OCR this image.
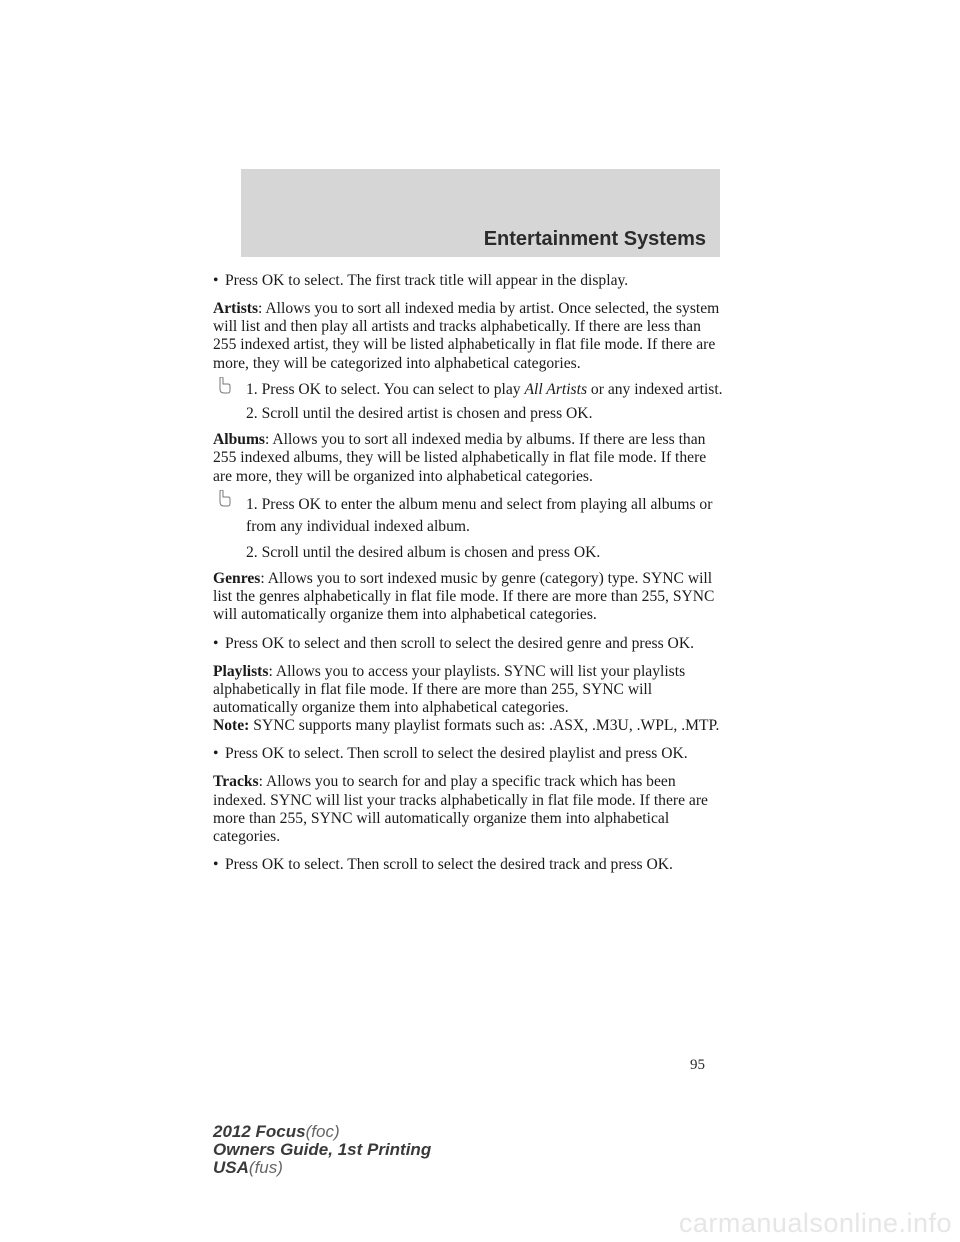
Entertainment Systems

• Press OK to select. The first track title will appear in the display.

Artists: Allows you to sort all indexed media by artist. Once selected, the system will list and then play all artists and tracks alphabetically. If there are less than 255 indexed artist, they will be listed alphabetically in flat file mode. If there are more, they will be categorized into alphabetical categories.

1. Press OK to select. You can select to play All Artists or any indexed artist.
2. Scroll until the desired artist is chosen and press OK.

Albums: Allows you to sort all indexed media by albums. If there are less than 255 indexed albums, they will be listed alphabetically in flat file mode. If there are more, they will be organized into alphabetical categories.

1. Press OK to enter the album menu and select from playing all albums or from any individual indexed album.
2. Scroll until the desired album is chosen and press OK.

Genres: Allows you to sort indexed music by genre (category) type. SYNC will list the genres alphabetically in flat file mode. If there are more than 255, SYNC will automatically organize them into alphabetical categories.

• Press OK to select and then scroll to select the desired genre and press OK.

Playlists: Allows you to access your playlists. SYNC will list your playlists alphabetically in flat file mode. If there are more than 255, SYNC will automatically organize them into alphabetical categories.

Note: SYNC supports many playlist formats such as: .ASX, .M3U, .WPL, .MTP.

• Press OK to select. Then scroll to select the desired playlist and press OK.

Tracks: Allows you to search for and play a specific track which has been indexed. SYNC will list your tracks alphabetically in flat file mode. If there are more than 255, SYNC will automatically organize them into alphabetical categories.

• Press OK to select. Then scroll to select the desired track and press OK.

95
2012 Focus(foc)
Owners Guide, 1st Printing
USA(fus)
carmanualsonline.info
